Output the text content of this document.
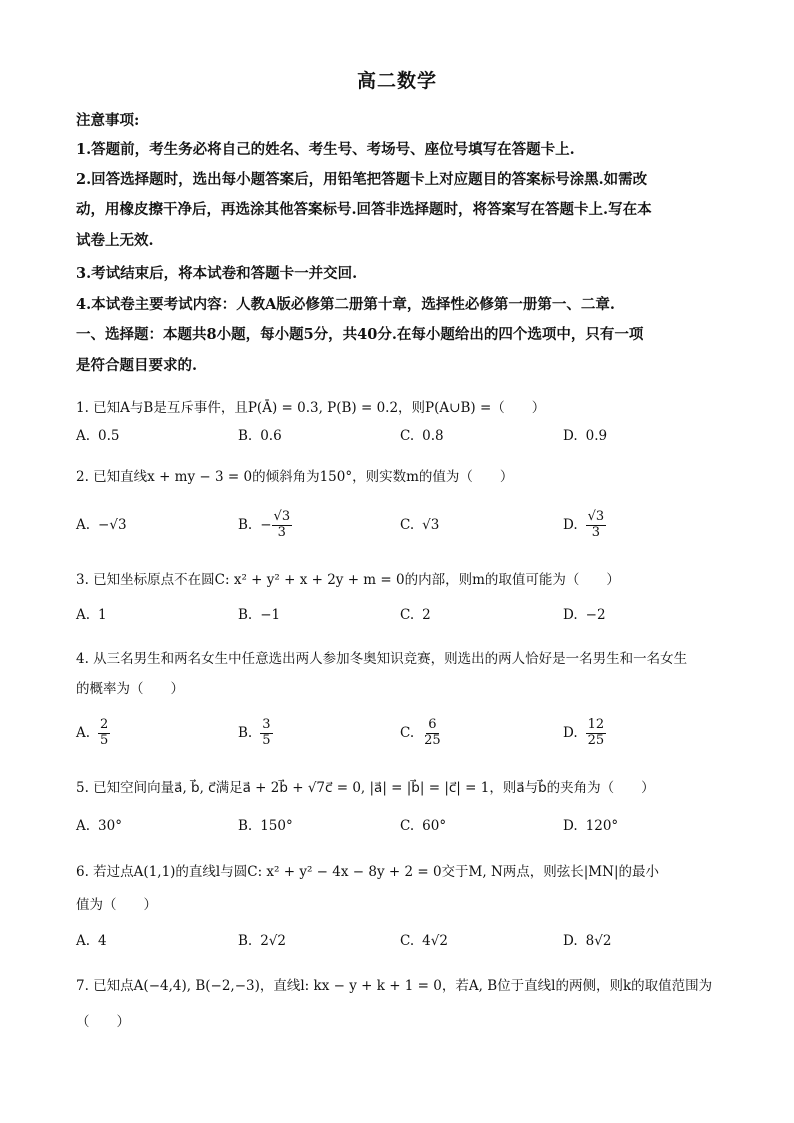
高二数学
注意事项:
1.答题前，考生务必将自己的姓名、考生号、考场号、座位号填写在答题卡上.
2.回答选择题时，选出每小题答案后，用铅笔把答题卡上对应题目的答案标号涂黑.如需改
动，用橡皮擦干净后，再选涂其他答案标号.回答非选择题时，将答案写在答题卡上.写在本
试卷上无效.
3.考试结束后，将本试卷和答题卡一并交回.
4.本试卷主要考试内容：人教A版必修第二册第十章，选择性必修第一册第一、二章.
一、选择题：本题共8小题，每小题5分，共40分.在每小题给出的四个选项中，只有一项
是符合题目要求的.
1. 已知A与B是互斥事件，且P(Ā) = 0.3, P(B) = 0.2，则P(A∪B) =（　　）
A. 0.5	B. 0.6	C. 0.8	D. 0.9
2. 已知直线x + my − 3 = 0的倾斜角为150°，则实数m的值为（　　）
A. −√3	B. − $\frac{√3}{3}$	C. √3	D. $\frac{√3}{3}$
3. 已知坐标原点不在圆C: x² + y² + x + 2y + m = 0的内部，则m的取值可能为（　　）
A. 1	B. −1	C. 2	D. −2
4. 从三名男生和两名女生中任意选出两人参加冬奥知识竞赛，则选出的两人恰好是一名男生和一名女生
的概率为（　　）
A. $\frac{2}{5}$	B. $\frac{3}{5}$	C. $\frac{6}{25}$	D. $\frac{12}{25}$
5. 已知空间向量a⃗, b⃗, c⃗满足a⃗ + 2b⃗ + √7c⃗ = 0, |a⃗| = |b⃗| = |c⃗| = 1，则a⃗与b⃗的夹角为（　　）
A. 30°	B. 150°	C. 60°	D. 120°
6. 若过点A(1,1)的直线l与圆C: x² + y² − 4x − 8y + 2 = 0交于M, N两点，则弦长|MN|的最小
值为（　　）
A. 4	B. 2√2	C. 4√2	D. 8√2
7. 已知点A(−4,4), B(−2,−3)，直线l: kx − y + k + 1 = 0，若A, B位于直线l的两侧，则k的取值范围为
（　　）
